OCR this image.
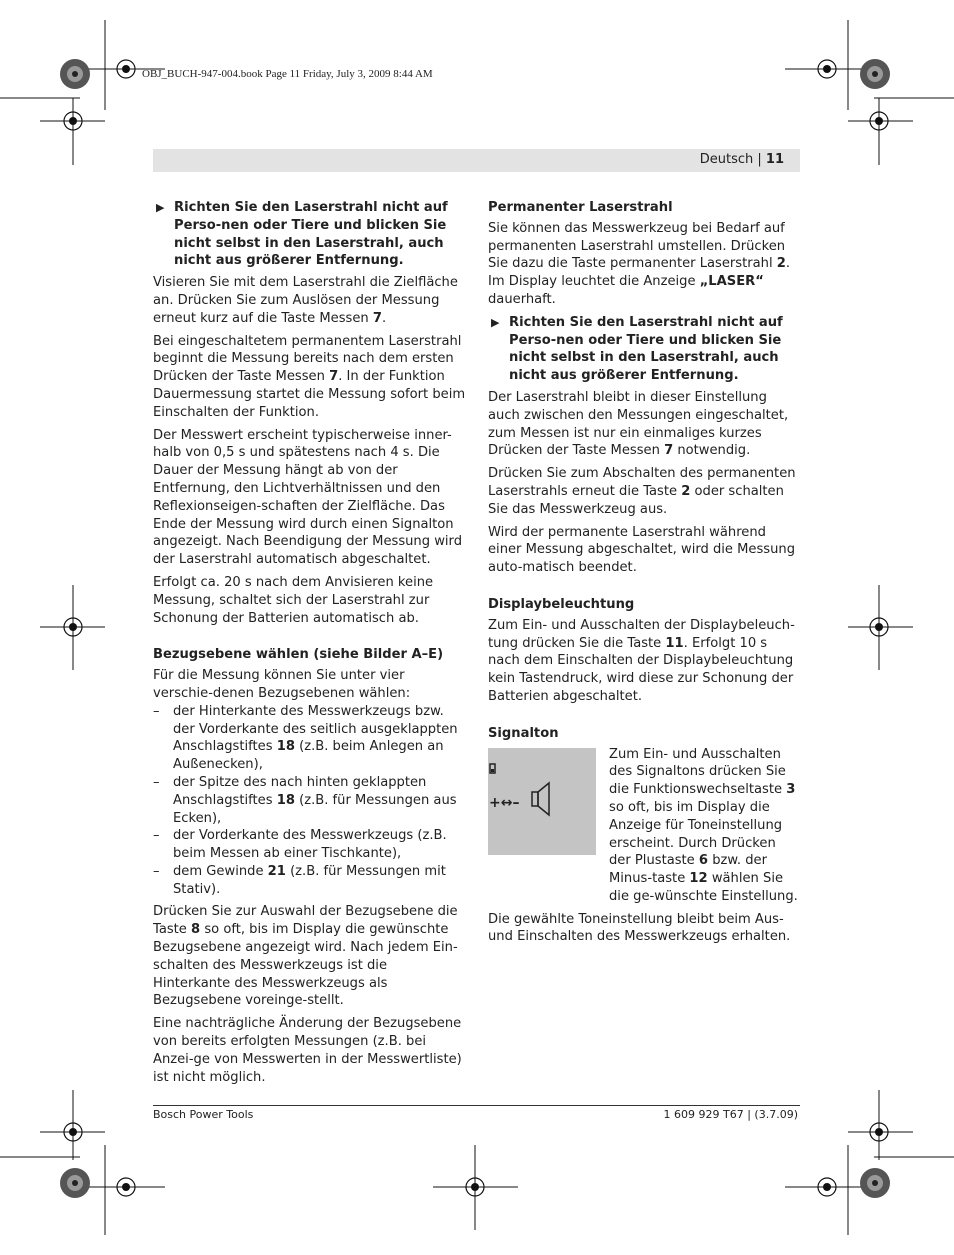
OBJ_BUCH-947-004.book Page 11 Friday, July 3, 2009 8:44 AM
Deutsch | 11
▶ Richten Sie den Laserstrahl nicht auf Perso-nen oder Tiere und blicken Sie nicht selbst in den Laserstrahl, auch nicht aus größerer Entfernung.

Visieren Sie mit dem Laserstrahl die Zielfläche an. Drücken Sie zum Auslösen der Messung erneut kurz auf die Taste Messen 7.

Bei eingeschaltetem permanentem Laserstrahl beginnt die Messung bereits nach dem ersten Drücken der Taste Messen 7. In der Funktion Dauermessung startet die Messung sofort beim Einschalten der Funktion.

Der Messwert erscheint typischerweise inner-halb von 0,5 s und spätestens nach 4 s. Die Dauer der Messung hängt ab von der Entfernung, den Lichtverhältnissen und den Reflexionseigen-schaften der Zielfläche. Das Ende der Messung wird durch einen Signalton angezeigt. Nach Beendigung der Messung wird der Laserstrahl automatisch abgeschaltet.

Erfolgt ca. 20 s nach dem Anvisieren keine Messung, schaltet sich der Laserstrahl zur Schonung der Batterien automatisch ab.

Bezugsebene wählen (siehe Bilder A–E)

Für die Messung können Sie unter vier verschie-denen Bezugsebenen wählen:

– der Hinterkante des Messwerkzeugs bzw. der Vorderkante des seitlich ausgeklappten Anschlagstiftes 18 (z.B. beim Anlegen an Außenecken),
– der Spitze des nach hinten geklappten Anschlagstiftes 18 (z.B. für Messungen aus Ecken),
– der Vorderkante des Messwerkzeugs (z.B. beim Messen ab einer Tischkante),
– dem Gewinde 21 (z.B. für Messungen mit Stativ).

Drücken Sie zur Auswahl der Bezugsebene die Taste 8 so oft, bis im Display die gewünschte Bezugsebene angezeigt wird. Nach jedem Ein-schalten des Messwerkzeugs ist die Hinterkante des Messwerkzeugs als Bezugsebene voreinge-stellt.

Eine nachträgliche Änderung der Bezugsebene von bereits erfolgten Messungen (z.B. bei Anzei-ge von Messwerten in der Messwertliste) ist nicht möglich.

Permanenter Laserstrahl

Sie können das Messwerkzeug bei Bedarf auf permanenten Laserstrahl umstellen. Drücken Sie dazu die Taste permanenter Laserstrahl 2. Im Display leuchtet die Anzeige „LASER“ dauerhaft.

▶ Richten Sie den Laserstrahl nicht auf Perso-nen oder Tiere und blicken Sie nicht selbst in den Laserstrahl, auch nicht aus größerer Entfernung.

Der Laserstrahl bleibt in dieser Einstellung auch zwischen den Messungen eingeschaltet, zum Messen ist nur ein einmaliges kurzes Drücken der Taste Messen 7 notwendig.

Drücken Sie zum Abschalten des permanenten Laserstrahls erneut die Taste 2 oder schalten Sie das Messwerkzeug aus.

Wird der permanente Laserstrahl während einer Messung abgeschaltet, wird die Messung auto-matisch beendet.

Displaybeleuchtung

Zum Ein- und Ausschalten der Displaybeleuch-tung drücken Sie die Taste 11. Erfolgt 10 s nach dem Einschalten der Displaybeleuchtung kein Tastendruck, wird diese zur Schonung der Batterien abgeschaltet.

Signalton
+↔–

Zum Ein- und Ausschalten des Signaltons drücken Sie die Funktionswechseltaste 3 so oft, bis im Display die Anzeige für Toneinstellung erscheint. Durch Drücken der Plustaste 6 bzw. der Minus-taste 12 wählen Sie die ge-wünschte Einstellung.

Die gewählte Toneinstellung bleibt beim Aus- und Einschalten des Messwerkzeugs erhalten.

Bosch Power Tools	1 609 929 T67 | (3.7.09)
